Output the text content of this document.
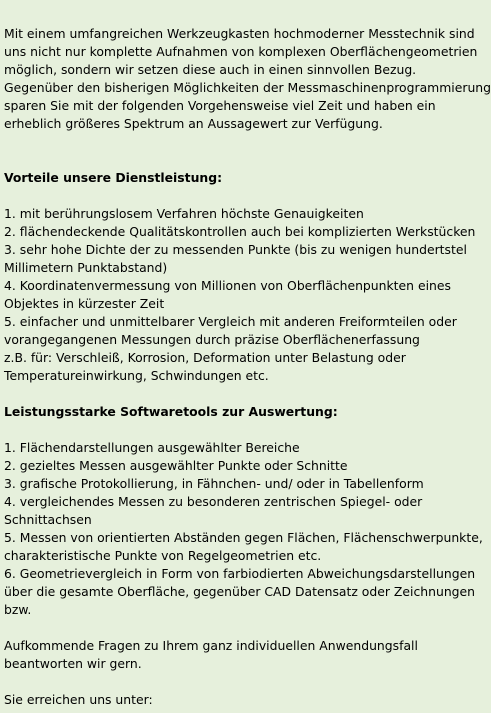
Mit einem umfangreichen Werkzeugkasten hochmoderner Messtechnik sind
uns nicht nur komplette Aufnahmen von komplexen Oberflächengeometrien
möglich, sondern wir setzen diese auch in einen sinnvollen Bezug.
Gegenüber den bisherigen Möglichkeiten der Messmaschinenprogrammierung
sparen Sie mit der folgenden Vorgehensweise viel Zeit und haben ein
erheblich größeres Spektrum an Aussagewert zur Verfügung.
Vorteile unsere Dienstleistung:
1. mit berührungslosem Verfahren höchste Genauigkeiten
2. flächendeckende Qualitätskontrollen auch bei komplizierten Werkstücken
3. sehr hohe Dichte der zu messenden Punkte (bis zu wenigen hundertstel
Millimetern Punktabstand)
4. Koordinatenvermessung von Millionen von Oberflächenpunkten eines
Objektes in kürzester Zeit
5. einfacher und unmittelbarer Vergleich mit anderen Freiformteilen oder
vorangegangenen Messungen durch präzise Oberflächenerfassung
z.B. für: Verschleiß, Korrosion, Deformation unter Belastung oder
Temperatureinwirkung, Schwindungen etc.
Leistungsstarke Softwaretools zur Auswertung:
1. Flächendarstellungen ausgewählter Bereiche
2. gezieltes Messen ausgewählter Punkte oder Schnitte
3. grafische Protokollierung, in Fähnchen- und/ oder in Tabellenform
4. vergleichendes Messen zu besonderen zentrischen Spiegel- oder
Schnittachsen
5. Messen von orientierten Abständen gegen Flächen, Flächenschwerpunkte,
charakteristische Punkte von Regelgeometrien etc.
6. Geometrievergleich in Form von farbiodierten Abweichungsdarstellungen
über die gesamte Oberfläche, gegenüber CAD Datensatz oder Zeichnungen
bzw.
Aufkommende Fragen zu Ihrem ganz individuellen Anwendungsfall
beantworten wir gern.
Sie erreichen uns unter:
